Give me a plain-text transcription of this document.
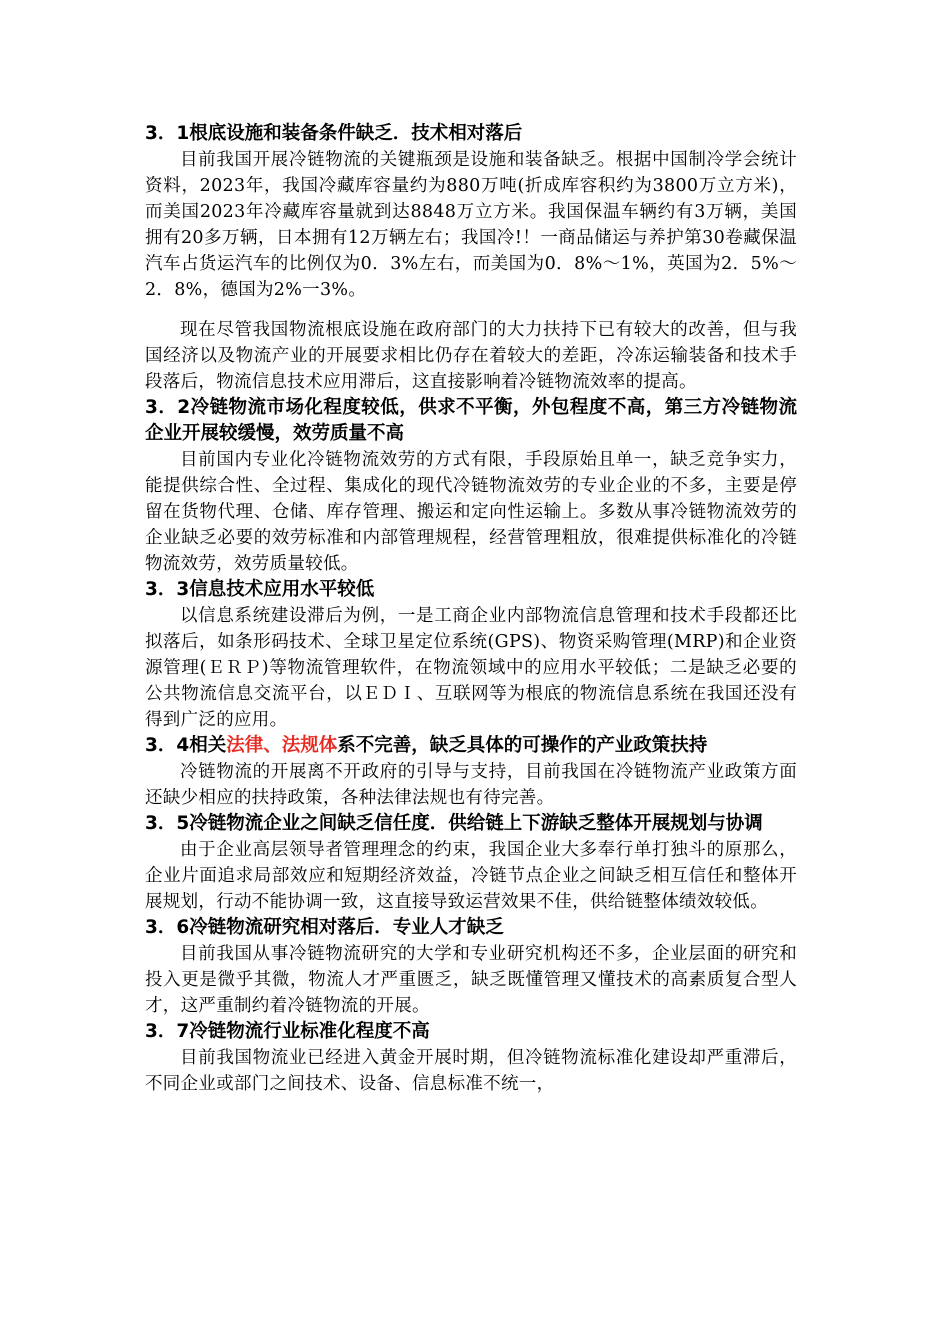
3．1根底设施和装备条件缺乏．技术相对落后

目前我国开展冷链物流的关键瓶颈是设施和装备缺乏。根据中国制冷学会统计资料，2023年，我国冷藏库容量约为880万吨(折成库容积约为3800万立方米)，而美国2023年冷藏库容量就到达8848万立方米。我国保温车辆约有3万辆，美国拥有20多万辆，日本拥有12万辆左右；我国冷!！一商品储运与养护第30卷藏保温汽车占货运汽车的比例仅为0．3%左右，而美国为0．8%～1%，英国为2．5%～2．8%，德国为2%一3%。

现在尽管我国物流根底设施在政府部门的大力扶持下已有较大的改善，但与我国经济以及物流产业的开展要求相比仍存在着较大的差距，冷冻运输装备和技术手段落后，物流信息技术应用滞后，这直接影响着冷链物流效率的提高。

3．2冷链物流市场化程度较低，供求不平衡，外包程度不高，第三方冷链物流企业开展较缓慢，效劳质量不高

目前国内专业化冷链物流效劳的方式有限，手段原始且单一，缺乏竞争实力，能提供综合性、全过程、集成化的现代冷链物流效劳的专业企业的不多，主要是停留在货物代理、仓储、库存管理、搬运和定向性运输上。多数从事冷链物流效劳的企业缺乏必要的效劳标准和内部管理规程，经营管理粗放，很难提供标准化的冷链物流效劳，效劳质量较低。

3．3信息技术应用水平较低

以信息系统建设滞后为例，一是工商企业内部物流信息管理和技术手段都还比拟落后，如条形码技术、全球卫星定位系统(GPS)、物资采购管理(MRP)和企业资源管理(ＥＲＰ)等物流管理软件，在物流领域中的应用水平较低；二是缺乏必要的公共物流信息交流平台，以ＥＤＩ、互联网等为根底的物流信息系统在我国还没有得到广泛的应用。

3．4相关法律、法规体系不完善，缺乏具体的可操作的产业政策扶持

冷链物流的开展离不开政府的引导与支持，目前我国在冷链物流产业政策方面还缺少相应的扶持政策，各种法律法规也有待完善。

3．5冷链物流企业之间缺乏信任度．供给链上下游缺乏整体开展规划与协调

由于企业高层领导者管理理念的约束，我国企业大多奉行单打独斗的原那么，企业片面追求局部效应和短期经济效益，冷链节点企业之间缺乏相互信任和整体开展规划，行动不能协调一致，这直接导致运营效果不佳，供给链整体绩效较低。

3．6冷链物流研究相对落后．专业人才缺乏

目前我国从事冷链物流研究的大学和专业研究机构还不多，企业层面的研究和投入更是微乎其微，物流人才严重匮乏，缺乏既懂管理又懂技术的高素质复合型人才，这严重制约着冷链物流的开展。

3．7冷链物流行业标准化程度不高

目前我国物流业已经进入黄金开展时期，但冷链物流标准化建设却严重滞后，不同企业或部门之间技术、设备、信息标准不统一，
